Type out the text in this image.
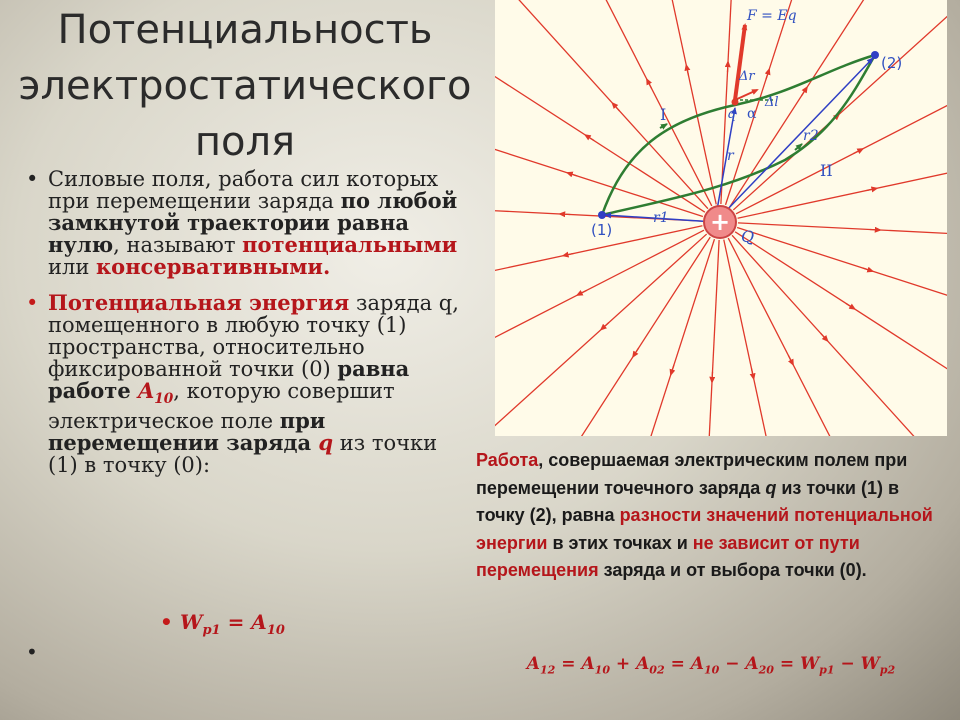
Потенциальность электростатического поля
• Силовые поля, работа сил которых при перемещении заряда по любой замкнутой траектории равна нулю, называют потенциальными или консервативными.
• Потенциальная энергия заряда q, помещенного в любую точку (1) пространства, относительно фиксированной точки (0) равна работе $A_{10}$, которую совершит электрическое поле при перемещении заряда q из точки (1) в точку (0):
• $W_{p1} = A_{10}$
•
+
F = Eq
Δr
Δl
q α
r
r1
r2
(1)
(2)
I
II
Q
Работа, совершаемая электрическим полем при перемещении точечного заряда q из точки (1) в точку (2), равна разности значений потенциальной энергии в этих точках и не зависит от пути перемещения заряда и от выбора точки (0).
$A_{12} = A_{10} + A_{02} = A_{10} - A_{20} = W_{p1} - W_{p2}$
